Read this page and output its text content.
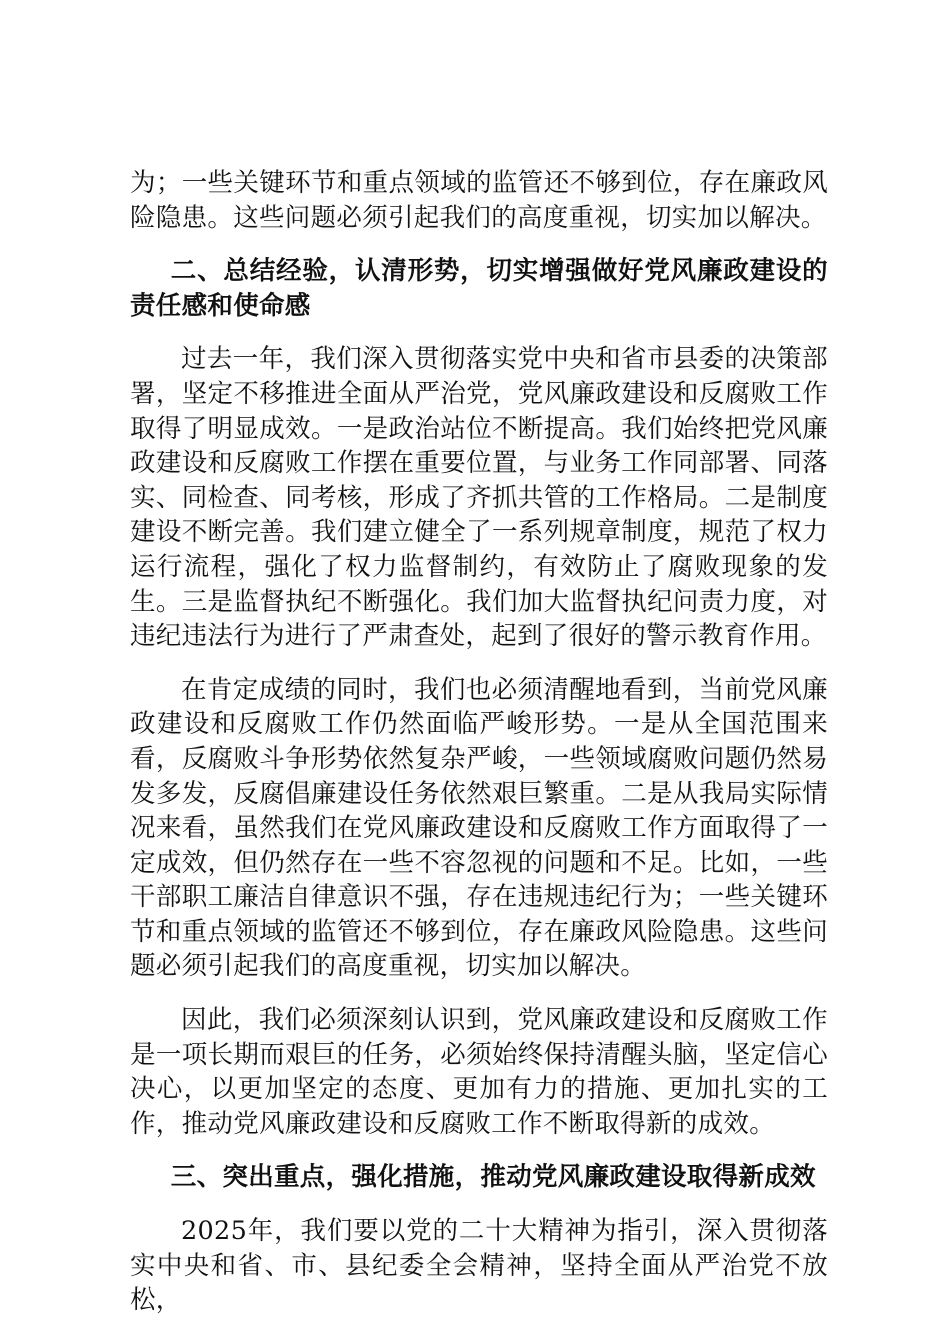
为；一些关键环节和重点领域的监管还不够到位，存在廉政风险隐患。这些问题必须引起我们的高度重视，切实加以解决。

二、总结经验，认清形势，切实增强做好党风廉政建设的责任感和使命感

过去一年，我们深入贯彻落实党中央和省市县委的决策部署，坚定不移推进全面从严治党，党风廉政建设和反腐败工作取得了明显成效。一是政治站位不断提高。我们始终把党风廉政建设和反腐败工作摆在重要位置，与业务工作同部署、同落实、同检查、同考核，形成了齐抓共管的工作格局。二是制度建设不断完善。我们建立健全了一系列规章制度，规范了权力运行流程，强化了权力监督制约，有效防止了腐败现象的发生。三是监督执纪不断强化。我们加大监督执纪问责力度，对违纪违法行为进行了严肃查处，起到了很好的警示教育作用。

在肯定成绩的同时，我们也必须清醒地看到，当前党风廉政建设和反腐败工作仍然面临严峻形势。一是从全国范围来看，反腐败斗争形势依然复杂严峻，一些领域腐败问题仍然易发多发，反腐倡廉建设任务依然艰巨繁重。二是从我局实际情况来看，虽然我们在党风廉政建设和反腐败工作方面取得了一定成效，但仍然存在一些不容忽视的问题和不足。比如，一些干部职工廉洁自律意识不强，存在违规违纪行为；一些关键环节和重点领域的监管还不够到位，存在廉政风险隐患。这些问题必须引起我们的高度重视，切实加以解决。

因此，我们必须深刻认识到，党风廉政建设和反腐败工作是一项长期而艰巨的任务，必须始终保持清醒头脑，坚定信心决心，以更加坚定的态度、更加有力的措施、更加扎实的工作，推动党风廉政建设和反腐败工作不断取得新的成效。

三、突出重点，强化措施，推动党风廉政建设取得新成效

2025年，我们要以党的二十大精神为指引，深入贯彻落实中央和省、市、县纪委全会精神，坚持全面从严治党不放松，
